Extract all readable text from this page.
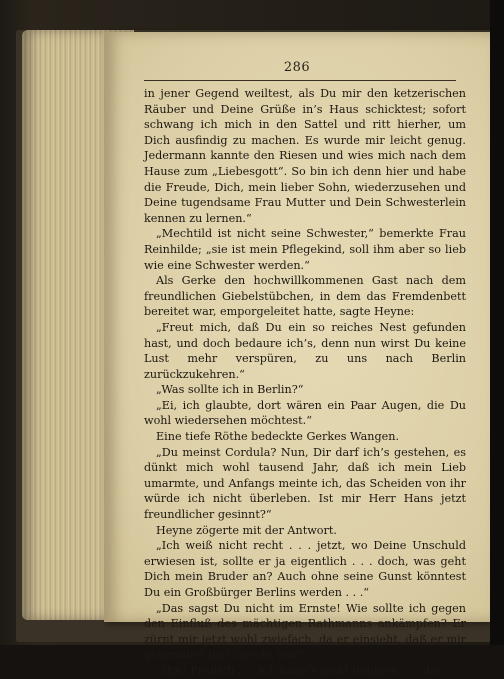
286

in jener Gegend weiltest, als Du mir den ketzerischen Räuber und Deine Grüße in’s Haus schicktest; sofort schwang ich mich in den Sattel und ritt hierher, um Dich ausfindig zu machen. Es wurde mir leicht genug. Jedermann kannte den Riesen und wies mich nach dem Hause zum „Liebesgott“. So bin ich denn hier und habe die Freude, Dich, mein lieber Sohn, wiederzusehen und Deine tugendsame Frau Mutter und Dein Schwesterlein kennen zu lernen.“

„Mechtild ist nicht seine Schwester,“ bemerkte Frau Reinhilde; „sie ist mein Pflegekind, soll ihm aber so lieb wie eine Schwester werden.“

Als Gerke den hochwillkommenen Gast nach dem freundlichen Giebelstübchen, in dem das Fremdenbett bereitet war, emporgeleitet hatte, sagte Heyne:

„Freut mich, daß Du ein so reiches Nest gefunden hast, und doch bedaure ich’s, denn nun wirst Du keine Lust mehr verspüren, zu uns nach Berlin zurückzukehren.“

„Was sollte ich in Berlin?“

„Ei, ich glaubte, dort wären ein Paar Augen, die Du wohl wiedersehen möchtest.“

Eine tiefe Röthe bedeckte Gerkes Wangen.

„Du meinst Cordula? Nun, Dir darf ich’s gestehen, es dünkt mich wohl tausend Jahr, daß ich mein Lieb umarmte, und Anfangs meinte ich, das Scheiden von ihr würde ich nicht überleben. Ist mir Herr Hans jetzt freundlicher gesinnt?“

Heyne zögerte mit der Antwort.

„Ich weiß nicht recht . . . jetzt, wo Deine Unschuld erwiesen ist, sollte er ja eigentlich . . . doch, was geht Dich mein Bruder an? Auch ohne seine Gunst könntest Du ein Großbürger Berlins werden . . .“

„Das sagst Du nicht im Ernste! Wie sollte ich gegen den Einfluß des mächtigen Rathmanns ankämpfen? Er zürnt mir jetzt wohl zwiefach, da er einsieht, daß er mir gegenüber im Unrecht war?“

„Hm! Freilich . . . ich kann’s nicht leugnen . . . die
